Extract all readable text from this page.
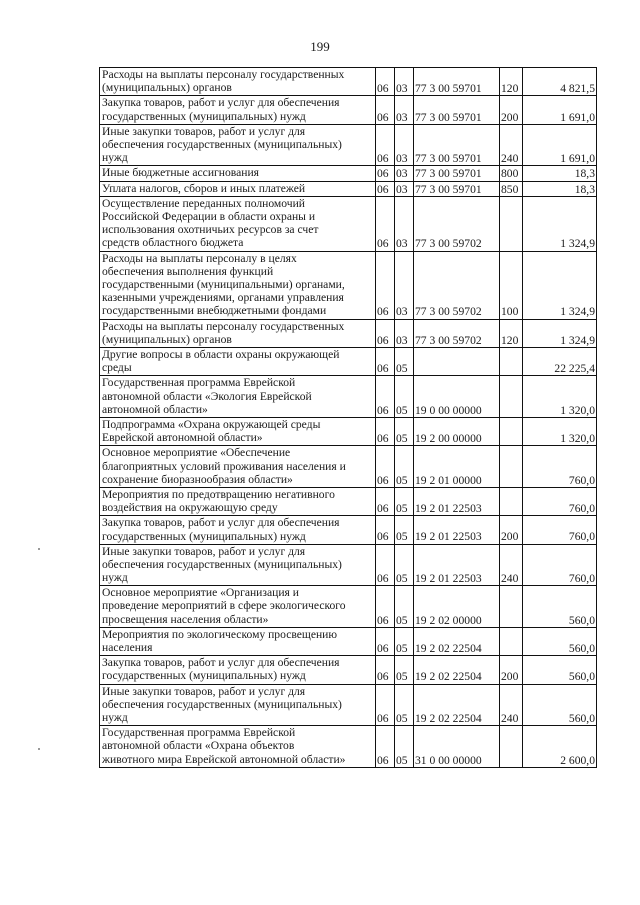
199
Расходы на выплаты персоналу государственных
(муниципальных) органов	06	03	77 3 00 59701	120	4 821,5

Закупка товаров, работ и услуг для обеспечения
государственных (муниципальных) нужд	06	03	77 3 00 59701	200	1 691,0

Иные закупки товаров, работ и услуг для
обеспечения государственных (муниципальных)
нужд	06	03	77 3 00 59701	240	1 691,0

Иные бюджетные ассигнования	06	03	77 3 00 59701	800	18,3

Уплата налогов, сборов и иных платежей	06	03	77 3 00 59701	850	18,3

Осуществление переданных полномочий
Российской Федерации в области охраны и
использования охотничьих ресурсов за счет
средств областного бюджета	06	03	77 3 00 59702		1 324,9

Расходы на выплаты персоналу в целях
обеспечения выполнения функций
государственными (муниципальными) органами,
казенными учреждениями, органами управления
государственными внебюджетными фондами	06	03	77 3 00 59702	100	1 324,9

Расходы на выплаты персоналу государственных
(муниципальных) органов	06	03	77 3 00 59702	120	1 324,9

Другие вопросы в области охраны окружающей
среды	06	05			22 225,4

Государственная программа Еврейской
автономной области «Экология Еврейской
автономной области»	06	05	19 0 00 00000		1 320,0

Подпрограмма «Охрана окружающей среды
Еврейской автономной области»	06	05	19 2 00 00000		1 320,0

Основное мероприятие «Обеспечение
благоприятных условий проживания населения и
сохранение биоразнообразия области»	06	05	19 2 01 00000		760,0

Мероприятия по предотвращению негативного
воздействия на окружающую среду	06	05	19 2 01 22503		760,0

Закупка товаров, работ и услуг для обеспечения
государственных (муниципальных) нужд	06	05	19 2 01 22503	200	760,0

Иные закупки товаров, работ и услуг для
обеспечения государственных (муниципальных)
нужд	06	05	19 2 01 22503	240	760,0

Основное мероприятие «Организация и
проведение мероприятий в сфере экологического
просвещения населения области»	06	05	19 2 02 00000		560,0

Мероприятия по экологическому просвещению
населения	06	05	19 2 02 22504		560,0

Закупка товаров, работ и услуг для обеспечения
государственных (муниципальных) нужд	06	05	19 2 02 22504	200	560,0

Иные закупки товаров, работ и услуг для
обеспечения государственных (муниципальных)
нужд	06	05	19 2 02 22504	240	560,0

Государственная программа Еврейской
автономной области «Охрана объектов
животного мира Еврейской автономной области»	06	05	31 0 00 00000		2 600,0
